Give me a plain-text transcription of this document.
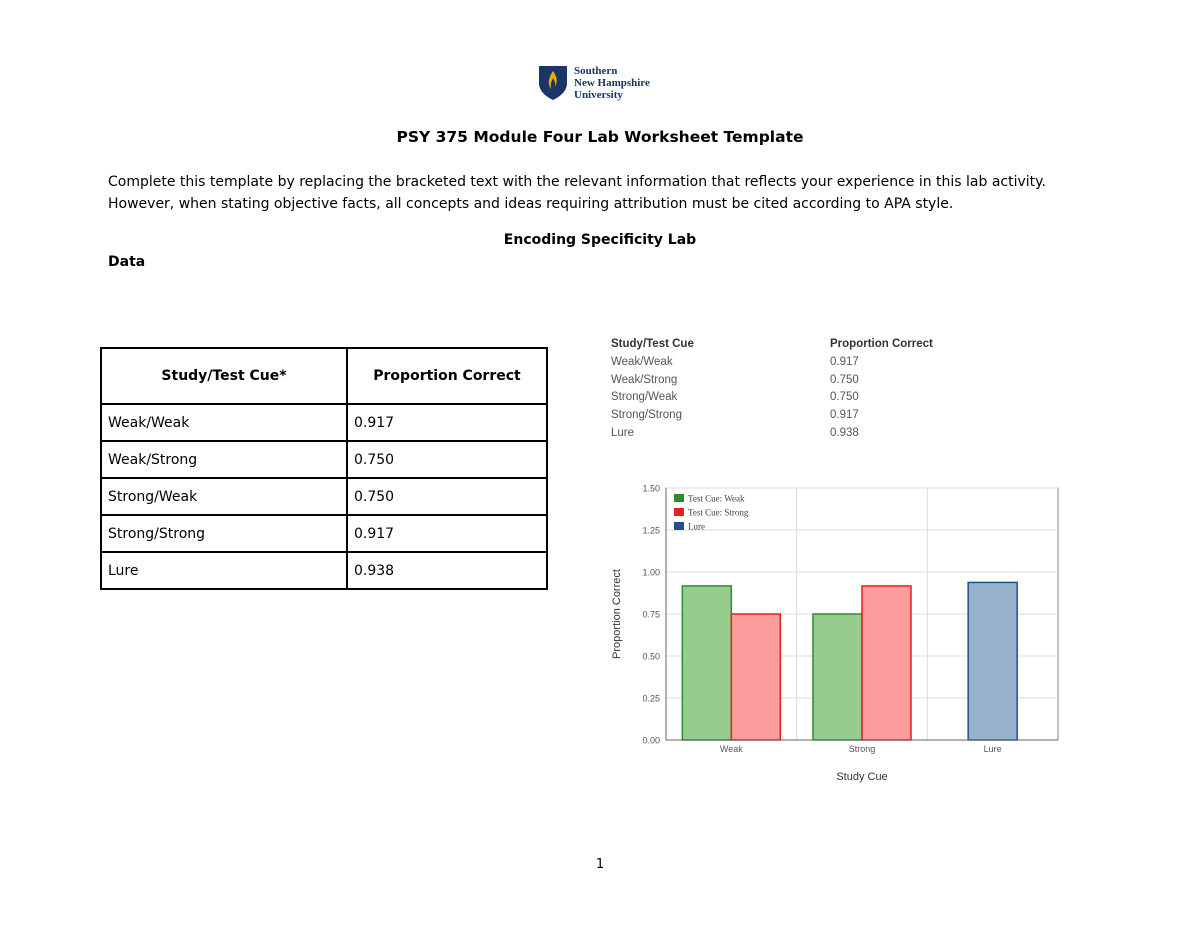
Southern
New Hampshire
University
PSY 375 Module Four Lab Worksheet Template
Complete this template by replacing the bracketed text with the relevant information that reflects your experience in this lab activity. However, when stating objective facts, all concepts and ideas requiring attribution must be cited according to APA style.
Encoding Specificity Lab
Data
Study/Test Cue*	Proportion Correct
Weak/Weak	0.917
Weak/Strong	0.750
Strong/Weak	0.750
Strong/Strong	0.917
Lure	0.938
Study/Test Cue	Proportion Correct
Weak/Weak	0.917
Weak/Strong	0.750
Strong/Weak	0.750
Strong/Strong	0.917
Lure	0.938
0.00
0.25
0.50
0.75
1.00
1.25
1.50
Weak	Strong	Lure
Test Cue: Weak
Test Cue: Strong
Lure
Study Cue
Proportion Correct
1
